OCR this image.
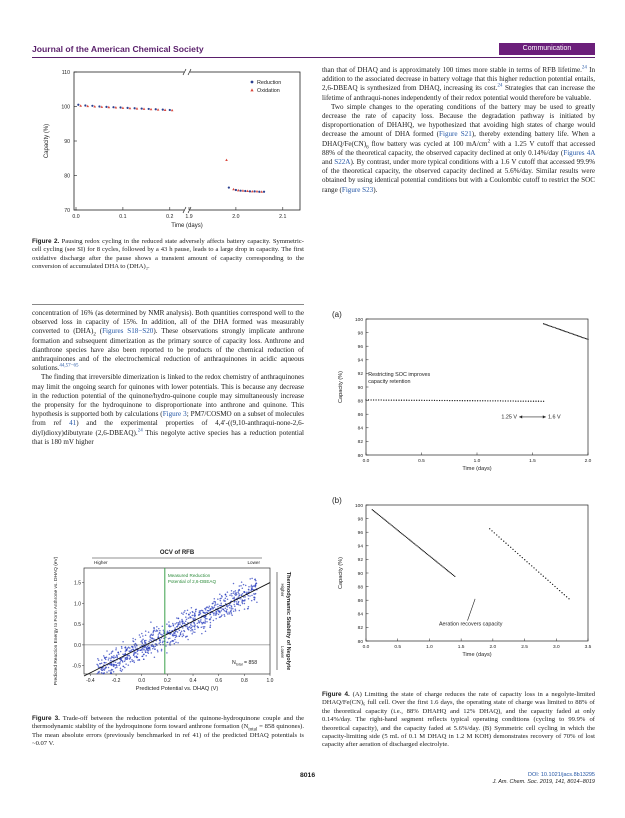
Journal of the American Chemical Society	Communication
70
80
90
100
110
0.0	0.1	0.2 1.9	2.0	2.1
Time (days)
Capacity (%)
Reduction
Oxidation
Figure 2. Pausing redox cycling in the reduced state adversely affects battery capacity. Symmetric-cell cycling (see SI) for 8 cycles, followed by a 43 h pause, leads to a large drop in capacity. The first oxidative discharge after the pause shows a transient amount of capacity corresponding to the conversion of accumulated DHA to (DHA)₂.

concentration of 16% (as determined by NMR analysis). Both quantities correspond well to the observed loss in capacity of 15%. In addition, all of the DHA formed was measurably converted to $(DHA)_2$ (Figures S18−S20). These observations strongly implicate anthrone formation and subsequent dimerization as the primary source of capacity loss. Anthrone and dianthrone species have also been reported to be products of the chemical reduction of anthraquinones and of the electrochemical reduction of anthraquinones in acidic aqueous solutions.$^{44,57-65}$

The finding that irreversible dimerization is linked to the redox chemistry of anthraquinones may limit the ongoing search for quinones with lower potentials. This is because any decrease in the reduction potential of the quinone/hydro-quinone couple may simultaneously increase the propensity for the hydroquinone to disproportionate into anthrone and quinone. This hypothesis is supported both by calculations (Figure 3; PM7/COSMO on a subset of molecules from ref 41) and the experimental properties of 4,4′-((9,10-anthraqui-none-2,6-diyl)dioxy)dibutyrate (2,6-DBEAQ).$^{24}$ This negolyte active species has a reduction potential that is 180 mV higher

Measured Reduction
Potential of 2,6-DBEAQ
-0.4	-0.2	0.0	0.2	0.4	0.6	0.8	1.0
-0.5
0.0
0.5
1.0
1.5
Predicted Potential vs. DHAQ (V)
Predicted Reaction Energy to Form Anthrone vs. DHAQ (eV)
OCV of RFB
Higher	Lower
Thermodynamic Stability of Negolyte
Higher
Lower
$N_{total} = 858$
Figure 3. Trade-off between the reduction potential of the quinone-hydroquinone couple and the thermodynamic stability of the hydroquinone form toward anthrone formation ($N_{total} = 858$ quinones). The mean absolute errors (previously benchmarked in ref 41) of the predicted DHAQ potentials is ~0.07 V.

than that of DHAQ and is approximately 100 times more stable in terms of RFB lifetime.$^{24}$ In addition to the associated decrease in battery voltage that this higher reduction potential entails, 2,6-DBEAQ is synthesized from DHAQ, increasing its cost.$^{24}$ Strategies that can increase the lifetime of anthraqui-nones independently of their redox potential would therefore be valuable.

Two simple changes to the operating conditions of the battery may be used to greatly decrease the rate of capacity loss. Because the degradation pathway is initiated by disproportionation of DHAHQ, we hypothesized that avoiding high states of charge would decrease the amount of DHA formed (Figure S21), thereby extending battery life. When a DHAQ/$Fe(CN)_6$ flow battery was cycled at 100 $mA/cm^2$ with a 1.25 V cutoff that accessed 88% of the theoretical capacity, the observed capacity declined at only 0.14%/day (Figures 4A and S22A). By contrast, under more typical conditions with a 1.6 V cutoff that accessed 99.9% of the theoretical capacity, the observed capacity declined at 5.6%/day. Similar results were obtained by using identical potential conditions but with a Coulombic cutoff to restrict the SOC range (Figure S23).

(a)
80
82
84
86
88
90
92
94
96
98
100
0.0	0.5	1.0	1.5	2.0
Time (days)
Capacity (%)	Restricting SOC improves
capacity retention
1.25 V	1.6 V
(b)
80
82
84
86
88
90
92
94
96
98
100
0.0	0.5	1.0	1.5	2.0	2.5	3.0	3.5
Time (days)
Capacity (%)
Aeration recovers capacity
Figure 4. (A) Limiting the state of charge reduces the rate of capacity loss in a negolyte-limited DHAQ/Fe(CN)₆ full cell. Over the first 1.6 days, the operating state of charge was limited to 88% of the theoretical capacity (i.e., 88% DHAHQ and 12% DHAQ), and the capacity faded at only 0.14%/day. The right-hand segment reflects typical operating conditions (cycling to 99.9% of theoretical capacity), and the capacity faded at 5.6%/day. (B) Symmetric cell cycling in which the capacity-limiting side (5 mL of 0.1 M DHAQ in 1.2 M KOH) demonstrates recovery of 70% of lost capacity after aeration of discharged electrolyte.
8016	DOI: 10.1021/jacs.8b13295
J. Am. Chem. Soc. 2019, 141, 8014−8019
